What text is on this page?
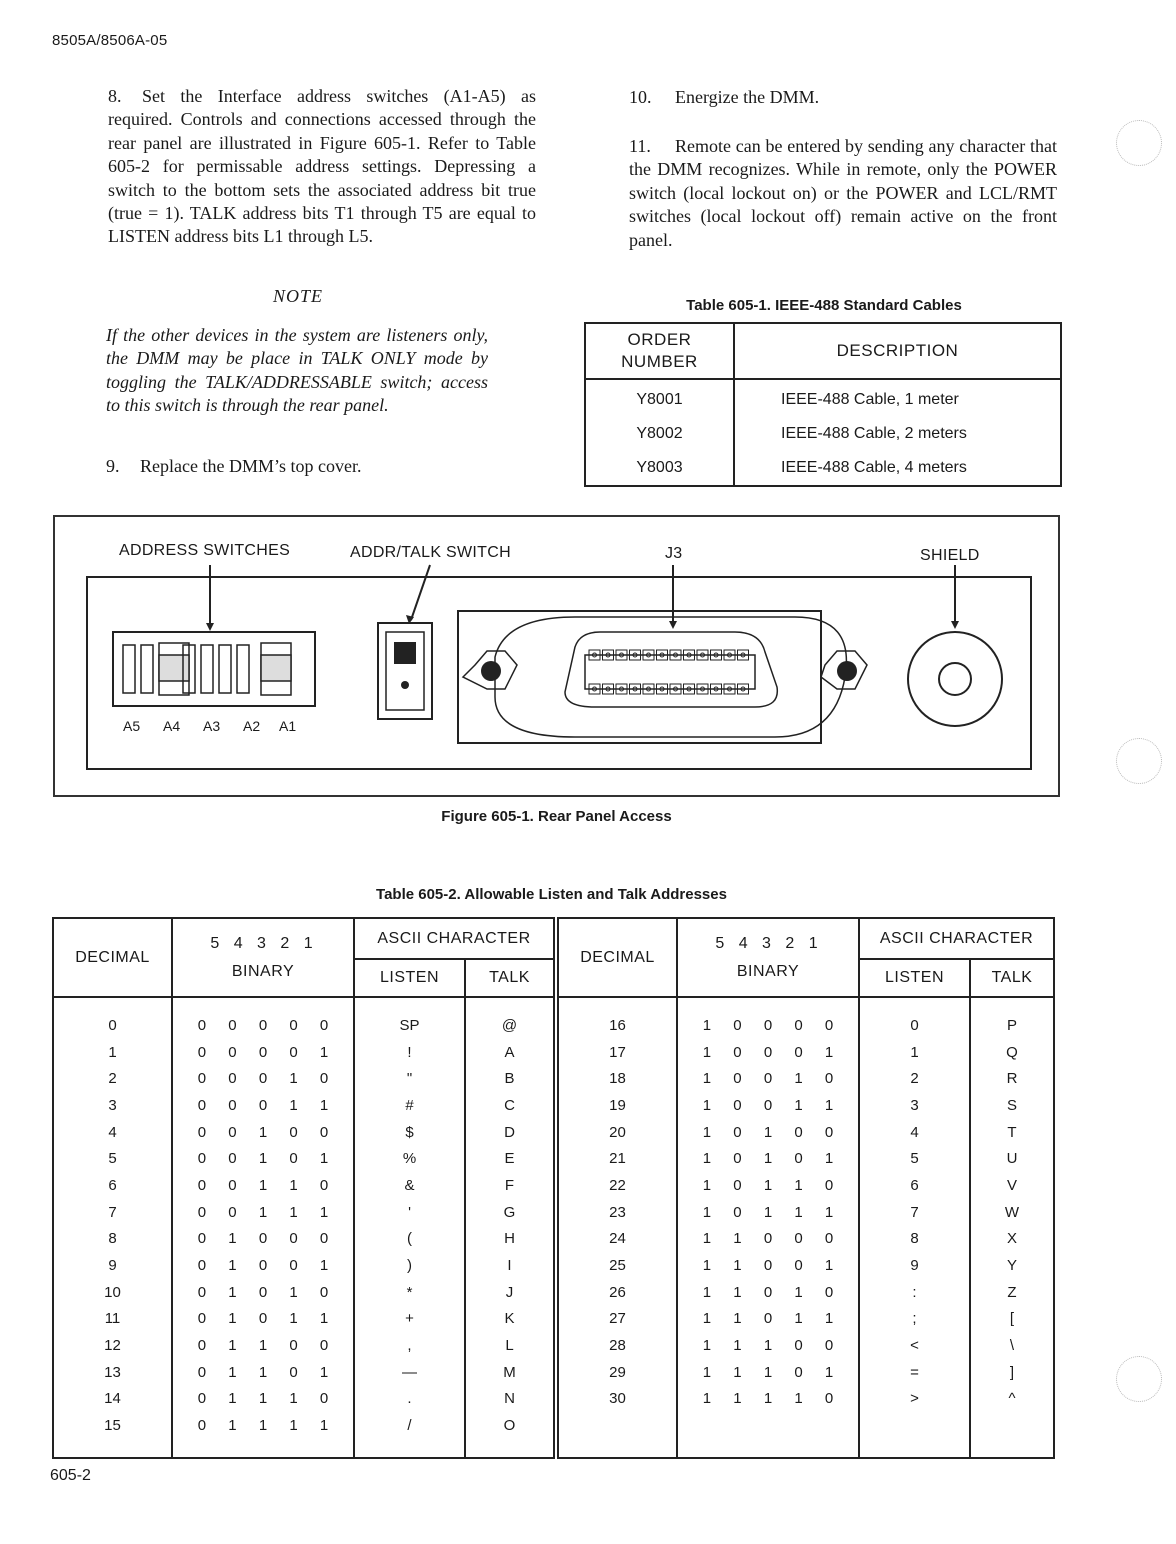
8505A/8506A-05
8. Set the Interface address switches (A1-A5) as required. Controls and connections accessed through the rear panel are illustrated in Figure 605-1. Refer to Table 605-2 for permissable address settings. Depressing a switch to the bottom sets the associated address bit true (true = 1). TALK address bits T1 through T5 are equal to LISTEN address bits L1 through L5.
NOTE
If the other devices in the system are listeners only, the DMM may be place in TALK ONLY mode by toggling the TALK/ADDRESSABLE switch; access to this switch is through the rear panel.
9. Replace the DMM’s top cover.
10. Energize the DMM.
11. Remote can be entered by sending any character that the DMM recognizes. While in remote, only the POWER switch (local lockout on) or the POWER and LCL/RMT switches (local lockout off) remain active on the front panel.
Table 605-1. IEEE-488 Standard Cables
ORDER
NUMBER	DESCRIPTION
Y8001	IEEE-488 Cable, 1 meter
Y8002	IEEE-488 Cable, 2 meters
Y8003	IEEE-488 Cable, 4 meters
ADDRESS SWITCHES	ADDR/TALK SWITCH	J3	SHIELD
A5 A4 A3 A2 A1
Figure 605-1. Rear Panel Access
Table 605-2. Allowable Listen and Talk Addresses
DECIMAL	5 4 3 2 1
BINARY	ASCII CHARACTER	
		LISTEN	TALK

0	0 0 0 0 0	SP	@
1	0 0 0 0 1	!	A
2	0 0 0 1 0	"	B
3	0 0 0 1 1	#	C
4	0 0 1 0 0	$	D
5	0 0 1 0 1	%	E
6	0 0 1 1 0	&	F
7	0 0 1 1 1	'	G
8	0 1 0 0 0	(	H
9	0 1 0 0 1	)	I
10	0 1 0 1 0	*	J
11	0 1 0 1 1	+	K
12	0 1 1 0 0	,	L
13	0 1 1 0 1	—	M
14	0 1 1 1 0	.	N
15	0 1 1 1 1	/	O

DECIMAL	5 4 3 2 1
BINARY	ASCII CHARACTER	
		LISTEN	TALK

16	1 0 0 0 0	0	P
17	1 0 0 0 1	1	Q
18	1 0 0 1 0	2	R
19	1 0 0 1 1	3	S
20	1 0 1 0 0	4	T
21	1 0 1 0 1	5	U
22	1 0 1 1 0	6	V
23	1 0 1 1 1	7	W
24	1 1 0 0 0	8	X
25	1 1 0 0 1	9	Y
26	1 1 0 1 0	:	Z
27	1 1 0 1 1	;	[
28	1 1 1 0 0	<	\
29	1 1 1 0 1	=	]
30	1 1 1 1 0	>	^

605-2
